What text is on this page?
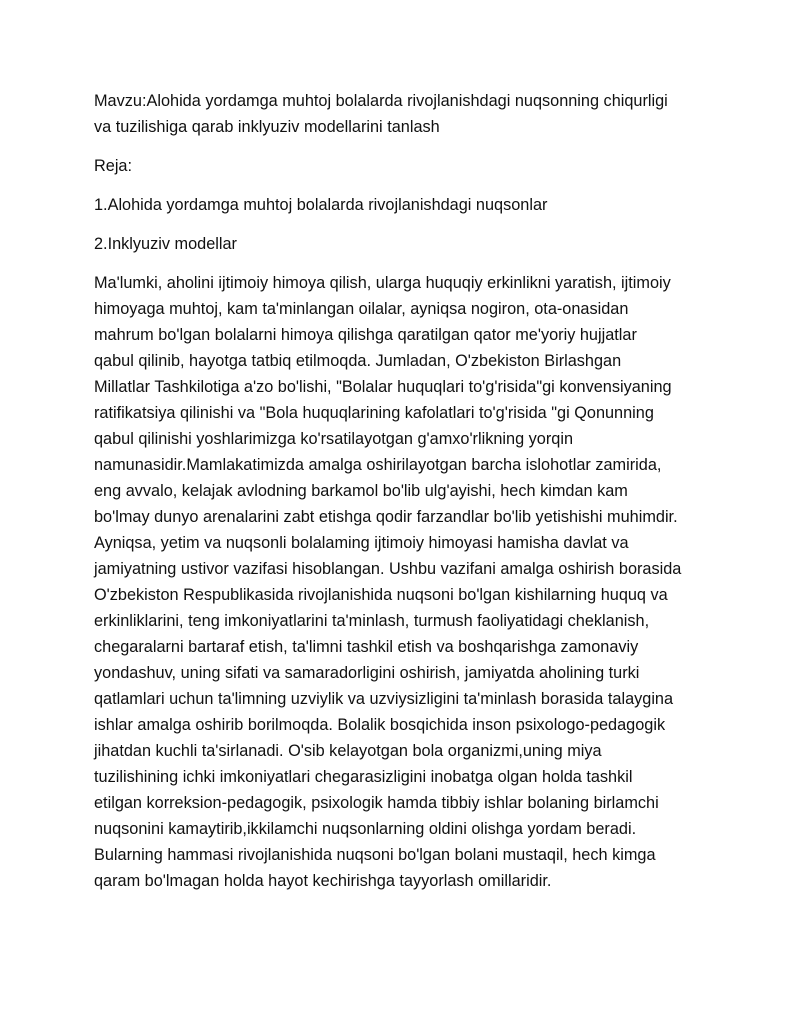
Mavzu:Alohida yordamga muhtoj bolalarda rivojlanishdagi nuqsonning chiqurligi
va tuzilishiga qarab inklyuziv modellarini tanlash

Reja:

1.Alohida yordamga muhtoj bolalarda rivojlanishdagi nuqsonlar

2.Inklyuziv modellar

Ma'lumki, aholini ijtimoiy himoya qilish, ularga huquqiy erkinlikni yaratish, ijtimoiy
himoyaga muhtoj, kam ta'minlangan oilalar, ayniqsa nogiron, ota-onasidan
mahrum bo'lgan bolalarni himoya qilishga qaratilgan qator me'yoriy hujjatlar
qabul qilinib, hayotga tatbiq etilmoqda. Jumladan, O'zbekiston Birlashgan
Millatlar Tashkilotiga a'zo bo'lishi, "Bolalar huquqlari to'g'risida"gi konvensiyaning
ratifikatsiya qilinishi va "Bola huquqlarining kafolatlari to'g'risida "gi Qonunning
qabul qilinishi yoshlarimizga ko'rsatilayotgan g'amxo'rlikning yorqin
namunasidir.Mamlakatimizda amalga oshirilayotgan barcha islohotlar zamirida,
eng avvalo, kelajak avlodning barkamol bo'lib ulg'ayishi, hech kimdan kam
bo'lmay dunyo arenalarini zabt etishga qodir farzandlar bo'lib yetishishi muhimdir.
Ayniqsa, yetim va nuqsonli bolalaming ijtimoiy himoyasi hamisha davlat va
jamiyatning ustivor vazifasi hisoblangan. Ushbu vazifani amalga oshirish borasida
O'zbekiston Respublikasida rivojlanishida nuqsoni bo'lgan kishilarning huquq va
erkinliklarini, teng imkoniyatlarini ta'minlash, turmush faoliyatidagi cheklanish,
chegaralarni bartaraf etish, ta'limni tashkil etish va boshqarishga zamonaviy
yondashuv, uning sifati va samaradorligini oshirish, jamiyatda aholining turki
qatlamlari uchun ta'limning uzviylik va uzviysizligini ta'minlash borasida talaygina
ishlar amalga oshirib borilmoqda. Bolalik bosqichida inson psixologo-pedagogik
jihatdan kuchli ta'sirlanadi. O'sib kelayotgan bola organizmi,uning miya
tuzilishining ichki imkoniyatlari chegarasizligini inobatga olgan holda tashkil
etilgan korreksion-pedagogik, psixologik hamda tibbiy ishlar bolaning birlamchi
nuqsonini kamaytirib,ikkilamchi nuqsonlarning oldini olishga yordam beradi.
Bularning hammasi rivojlanishida nuqsoni bo'lgan bolani mustaqil, hech kimga
qaram bo'lmagan holda hayot kechirishga tayyorlash omillaridir.
